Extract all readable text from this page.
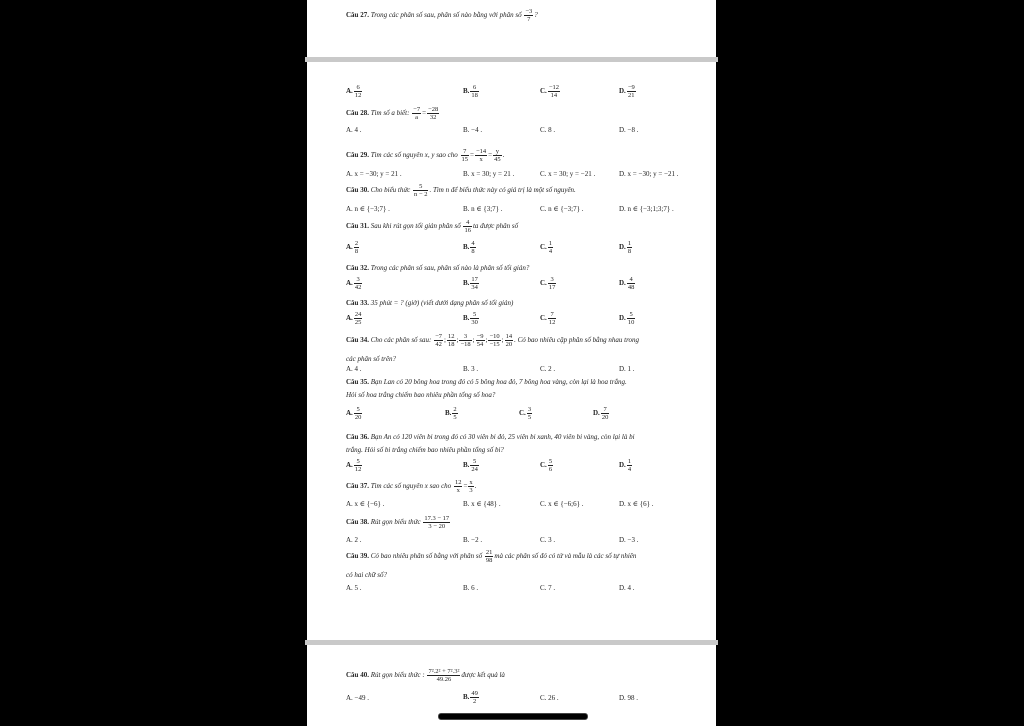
Câu 27. Trong các phân số sau, phân số nào bằng với phân số $\frac{-3}{7}$ ?
A. $\frac{6}{12}$	B. $\frac{6}{18}$	C. $\frac{-12}{14}$	D. $\frac{-9}{21}$
Câu 28. Tìm số a biết: $\frac{-7}{a} = \frac{-28}{32}$
A. 4 .	B. −4 .	C. 8 .	D. −8 .
Câu 29. Tìm các số nguyên x, y sao cho $\frac{7}{15} = \frac{-14}{x} = \frac{y}{45}$ .
A. x = −30; y = 21 .	B. x = 30; y = 21 .	C. x = 30; y = −21 .	D. x = −30; y = −21 .
Câu 30. Cho biểu thức $\frac{5}{n - 2}$ . Tìm n để biểu thức này có giá trị là một số nguyên.
A. n ∈ {−3;7} .	B. n ∈ {3;7} .	C. n ∈ {−3;7} .	D. n ∈ {−3;1;3;7} .
Câu 31. Sau khi rút gọn tối giản phân số $\frac{4}{16}$ ta được phân số
A. $\frac{2}{8}$	B. $\frac{4}{8}$	C. $\frac{1}{4}$	D. $\frac{1}{8}$
Câu 32. Trong các phân số sau, phân số nào là phân số tối giản?
A. $\frac{3}{42}$	B. $\frac{17}{34}$	C. $\frac{3}{17}$	D. $\frac{4}{48}$
Câu 33. 35 phút = ? (giờ) (viết dưới dạng phân số tối giản)
A. $\frac{24}{25}$	B. $\frac{5}{30}$	C. $\frac{7}{12}$	D. $\frac{5}{10}$
Câu 34. Cho các phân số sau: $\frac{-7}{42}$ ; $\frac{12}{18}$ ; $\frac{3}{-18}$ ; $\frac{-9}{54}$ ; $\frac{-10}{-15}$ ; $\frac{14}{20}$ . Có bao nhiêu cặp phân số bằng nhau trong
các phân số trên?
A. 4 .	B. 3 .	C. 2 .	D. 1 .
Câu 35. Bạn Lan có 20 bông hoa trong đó có 5 bông hoa đỏ, 7 bông hoa vàng, còn lại là hoa trắng.
Hỏi số hoa trắng chiếm bao nhiêu phần tổng số hoa?
A. $\frac{5}{20}$	B. $\frac{2}{5}$	C. $\frac{3}{5}$	D. $\frac{7}{20}$
Câu 36. Bạn An có 120 viên bi trong đó có 30 viên bi đỏ, 25 viên bi xanh, 40 viên bi vàng, còn lại là bi
trắng. Hỏi số bi trắng chiếm bao nhiêu phần tổng số bi?
A. $\frac{5}{12}$	B. $\frac{5}{24}$	C. $\frac{5}{6}$	D. $\frac{1}{4}$
Câu 37. Tìm các số nguyên x sao cho $\frac{12}{x} = \frac{x}{3}$ .
A. x ∈ {−6} .	B. x ∈ {48} .	C. x ∈ {−6;6} .	D. x ∈ {6} .
Câu 38. Rút gọn biểu thức $\frac{17.3 - 17}{3 - 20}$
A. 2 .	B. −2 .	C. 3 .	D. −3 .
Câu 39. Có bao nhiêu phân số bằng với phân số $\frac{21}{98}$ mà các phân số đó có tử và mẫu là các số tự nhiên
có hai chữ số?
A. 5 .	B. 6 .	C. 7 .	D. 4 .
Câu 40. Rút gọn biểu thức : $\frac{\text{7².2² + 7².3²}}{49.26}$ được kết quả là
A. −49 .	B. $\frac{49}{2}$	C. 26 .	D. 98 .
